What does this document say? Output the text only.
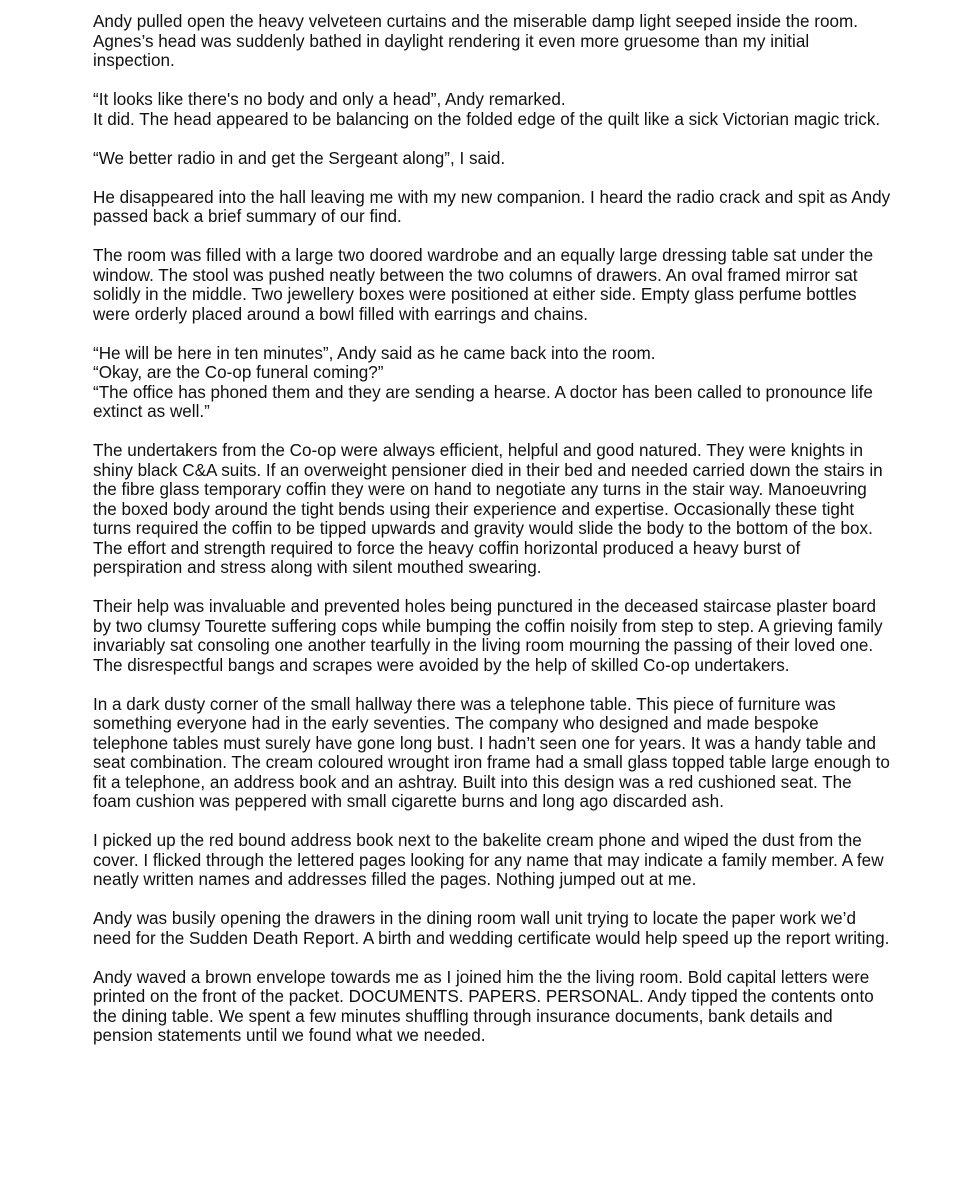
Andy pulled open the heavy velveteen curtains and the miserable damp light seeped inside the room. Agnes’s head was suddenly bathed in daylight rendering it even more gruesome than my initial inspection.

“It looks like there's no body and only a head”, Andy remarked.
It did. The head appeared to be balancing on the folded edge of the quilt like a sick Victorian magic trick.

“We better radio in and get the Sergeant along”, I said.

He disappeared into the hall leaving me with my new companion. I heard the radio crack and spit as Andy passed back a brief summary of our find.

The room was filled with a large two doored wardrobe and an equally large dressing table sat under the window. The stool was pushed neatly between the two columns of drawers. An oval framed mirror sat solidly in the middle. Two jewellery boxes were positioned at either side. Empty glass perfume bottles were orderly placed around a bowl filled with earrings and chains.

“He will be here in ten minutes”, Andy said as he came back into the room.
“Okay, are the Co-op funeral coming?”
“The office has phoned them and they are sending a hearse. A doctor has been called to pronounce life extinct as well.”

The undertakers from the Co-op were always efficient, helpful and good natured. They were knights in shiny black C&A suits. If an overweight pensioner died in their bed and needed carried down the stairs in the fibre glass temporary coffin they were on hand to negotiate any turns in the stair way. Manoeuvring the boxed body around the tight bends using their experience and expertise. Occasionally these tight turns required the coffin to be tipped upwards and gravity would slide the body to the bottom of the box. The effort and strength required to force the heavy coffin horizontal produced a heavy burst of perspiration and stress along with silent mouthed swearing.

Their help was invaluable and prevented holes being punctured in the deceased staircase plaster board by two clumsy Tourette suffering cops while bumping the coffin noisily from step to step. A grieving family invariably sat consoling one another tearfully in the living room mourning the passing of their loved one. The disrespectful bangs and scrapes were avoided by the help of skilled Co-op undertakers.

In a dark dusty corner of the small hallway there was a telephone table. This piece of furniture was something everyone had in the early seventies. The company who designed and made bespoke telephone tables must surely have gone long bust. I hadn’t seen one for years. It was a handy table and seat combination. The cream coloured wrought iron frame had a small glass topped table large enough to fit a telephone, an address book and an ashtray. Built into this design was a red cushioned seat. The foam cushion was peppered with small cigarette burns and long ago discarded ash.

I picked up the red bound address book next to the bakelite cream phone and wiped the dust from the cover. I flicked through the lettered pages looking for any name that may indicate a family member. A few neatly written names and addresses filled the pages. Nothing jumped out at me.

Andy was busily opening the drawers in the dining room wall unit trying to locate the paper work we’d need for the Sudden Death Report. A birth and wedding certificate would help speed up the report writing.

Andy waved a brown envelope towards me as I joined him the the living room. Bold capital letters were printed on the front of the packet. DOCUMENTS. PAPERS. PERSONAL. Andy tipped the contents onto the dining table. We spent a few minutes shuffling through insurance documents, bank details and pension statements until we found what we needed.
